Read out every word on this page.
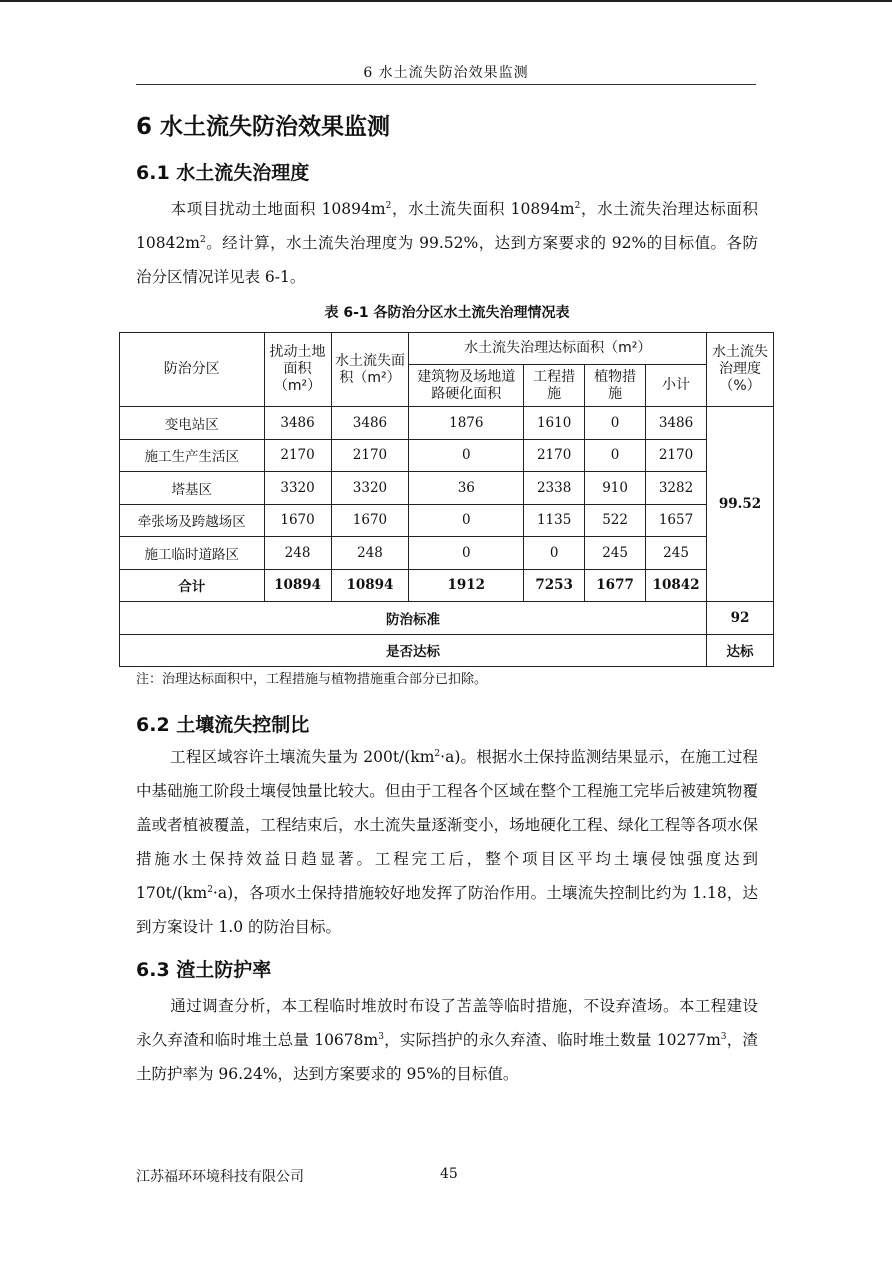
6 水土流失防治效果监测
6 水土流失防治效果监测
6.1 水土流失治理度

本项目扰动土地面积 $10894m^2$，水土流失面积 $10894m^2$，水土流失治理达标面积 $10842m^2$。经计算，水土流失治理度为 99.52%，达到方案要求的 92%的目标值。各防治分区情况详见表 6-1。

表 6-1 各防治分区水土流失治理情况表
防治分区	扰动土地面积（m²）	水土流失面积（m²）	水土流失治理达标面积（m²）				水土流失治理度（%）
			建筑物及场地道路硬化面积	工程措施	植物措施	小计	
变电站区	3486	3486	1876	1610	0	3486	99.52
施工生产生活区	2170	2170	0	2170	0	2170	
塔基区	3320	3320	36	2338	910	3282	
牵张场及跨越场区	1670	1670	0	1135	522	1657	
施工临时道路区	248	248	0	0	245	245	
合计	10894	10894	1912	7253	1677	10842	
防治标准							92
是否达标							达标
注：治理达标面积中，工程措施与植物措施重合部分已扣除。
6.2 土壤流失控制比

工程区域容许土壤流失量为 $200t/(km^2\cdot a)$。根据水土保持监测结果显示，在施工过程中基础施工阶段土壤侵蚀量比较大。但由于工程各个区域在整个工程施工完毕后被建筑物覆盖或者植被覆盖，工程结束后，水土流失量逐渐变小，场地硬化工程、绿化工程等各项水保措施水土保持效益日趋显著。工程完工后，整个项目区平均土壤侵蚀强度达到 $170t/(km^2\cdot a)$，各项水土保持措施较好地发挥了防治作用。土壤流失控制比约为 1.18，达到方案设计 1.0 的防治目标。

6.3 渣土防护率

通过调查分析，本工程临时堆放时布设了苫盖等临时措施，不设弃渣场。本工程建设永久弃渣和临时堆土总量 $10678m^3$，实际挡护的永久弃渣、临时堆土数量 $10277m^3$，渣土防护率为 96.24%，达到方案要求的 95%的目标值。

江苏福环环境科技有限公司	45
